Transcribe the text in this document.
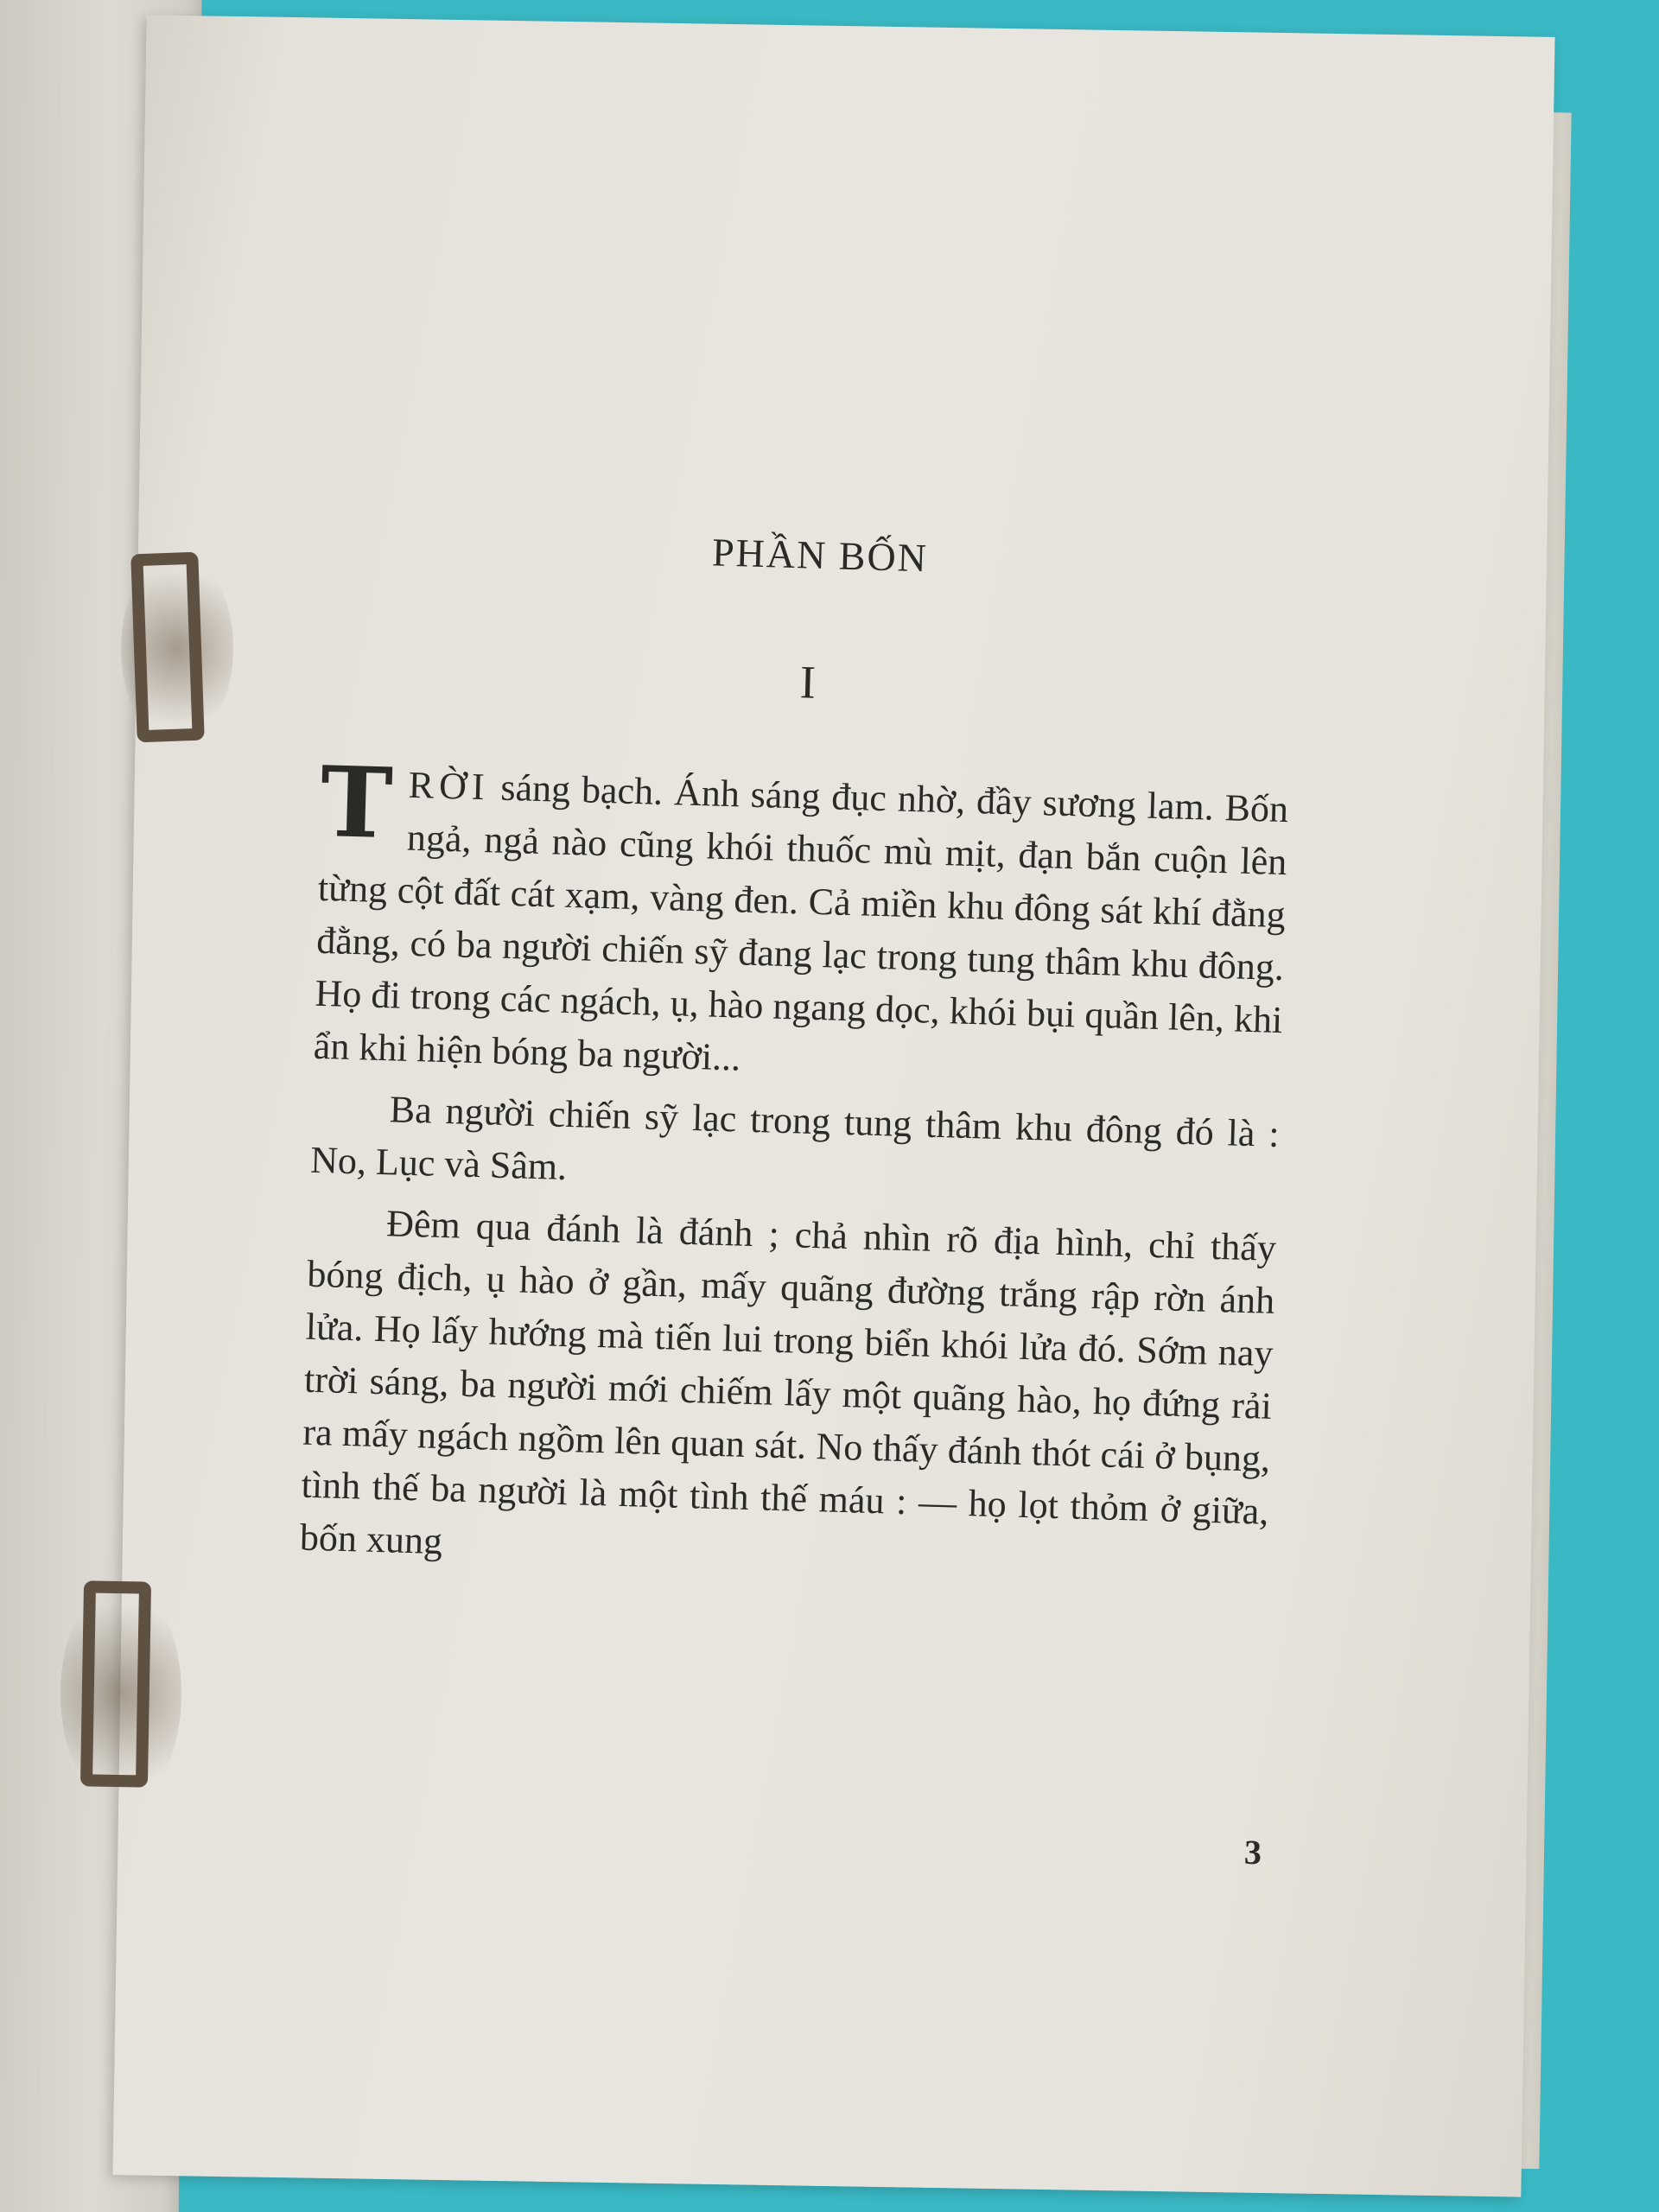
PHẦN BỐN
I

TRỜI sáng bạch. Ánh sáng đục nhờ, đầy sương lam. Bốn ngả, ngả nào cũng khói thuốc mù mịt, đạn bắn cuộn lên từng cột đất cát xạm, vàng đen. Cả miền khu đông sát khí đằng đằng, có ba người chiến sỹ đang lạc trong tung thâm khu đông. Họ đi trong các ngách, ụ, hào ngang dọc, khói bụi quần lên, khi ẩn khi hiện bóng ba người...

Ba người chiến sỹ lạc trong tung thâm khu đông đó là : No, Lục và Sâm.

Đêm qua đánh là đánh ; chả nhìn rõ địa hình, chỉ thấy bóng địch, ụ hào ở gần, mấy quãng đường trắng rập rờn ánh lửa. Họ lấy hướng mà tiến lui trong biển khói lửa đó. Sớm nay trời sáng, ba người mới chiếm lấy một quãng hào, họ đứng rải ra mấy ngách ngồm lên quan sát. No thấy đánh thót cái ở bụng, tình thế ba người là một tình thế máu : — họ lọt thỏm ở giữa, bốn xung

3
